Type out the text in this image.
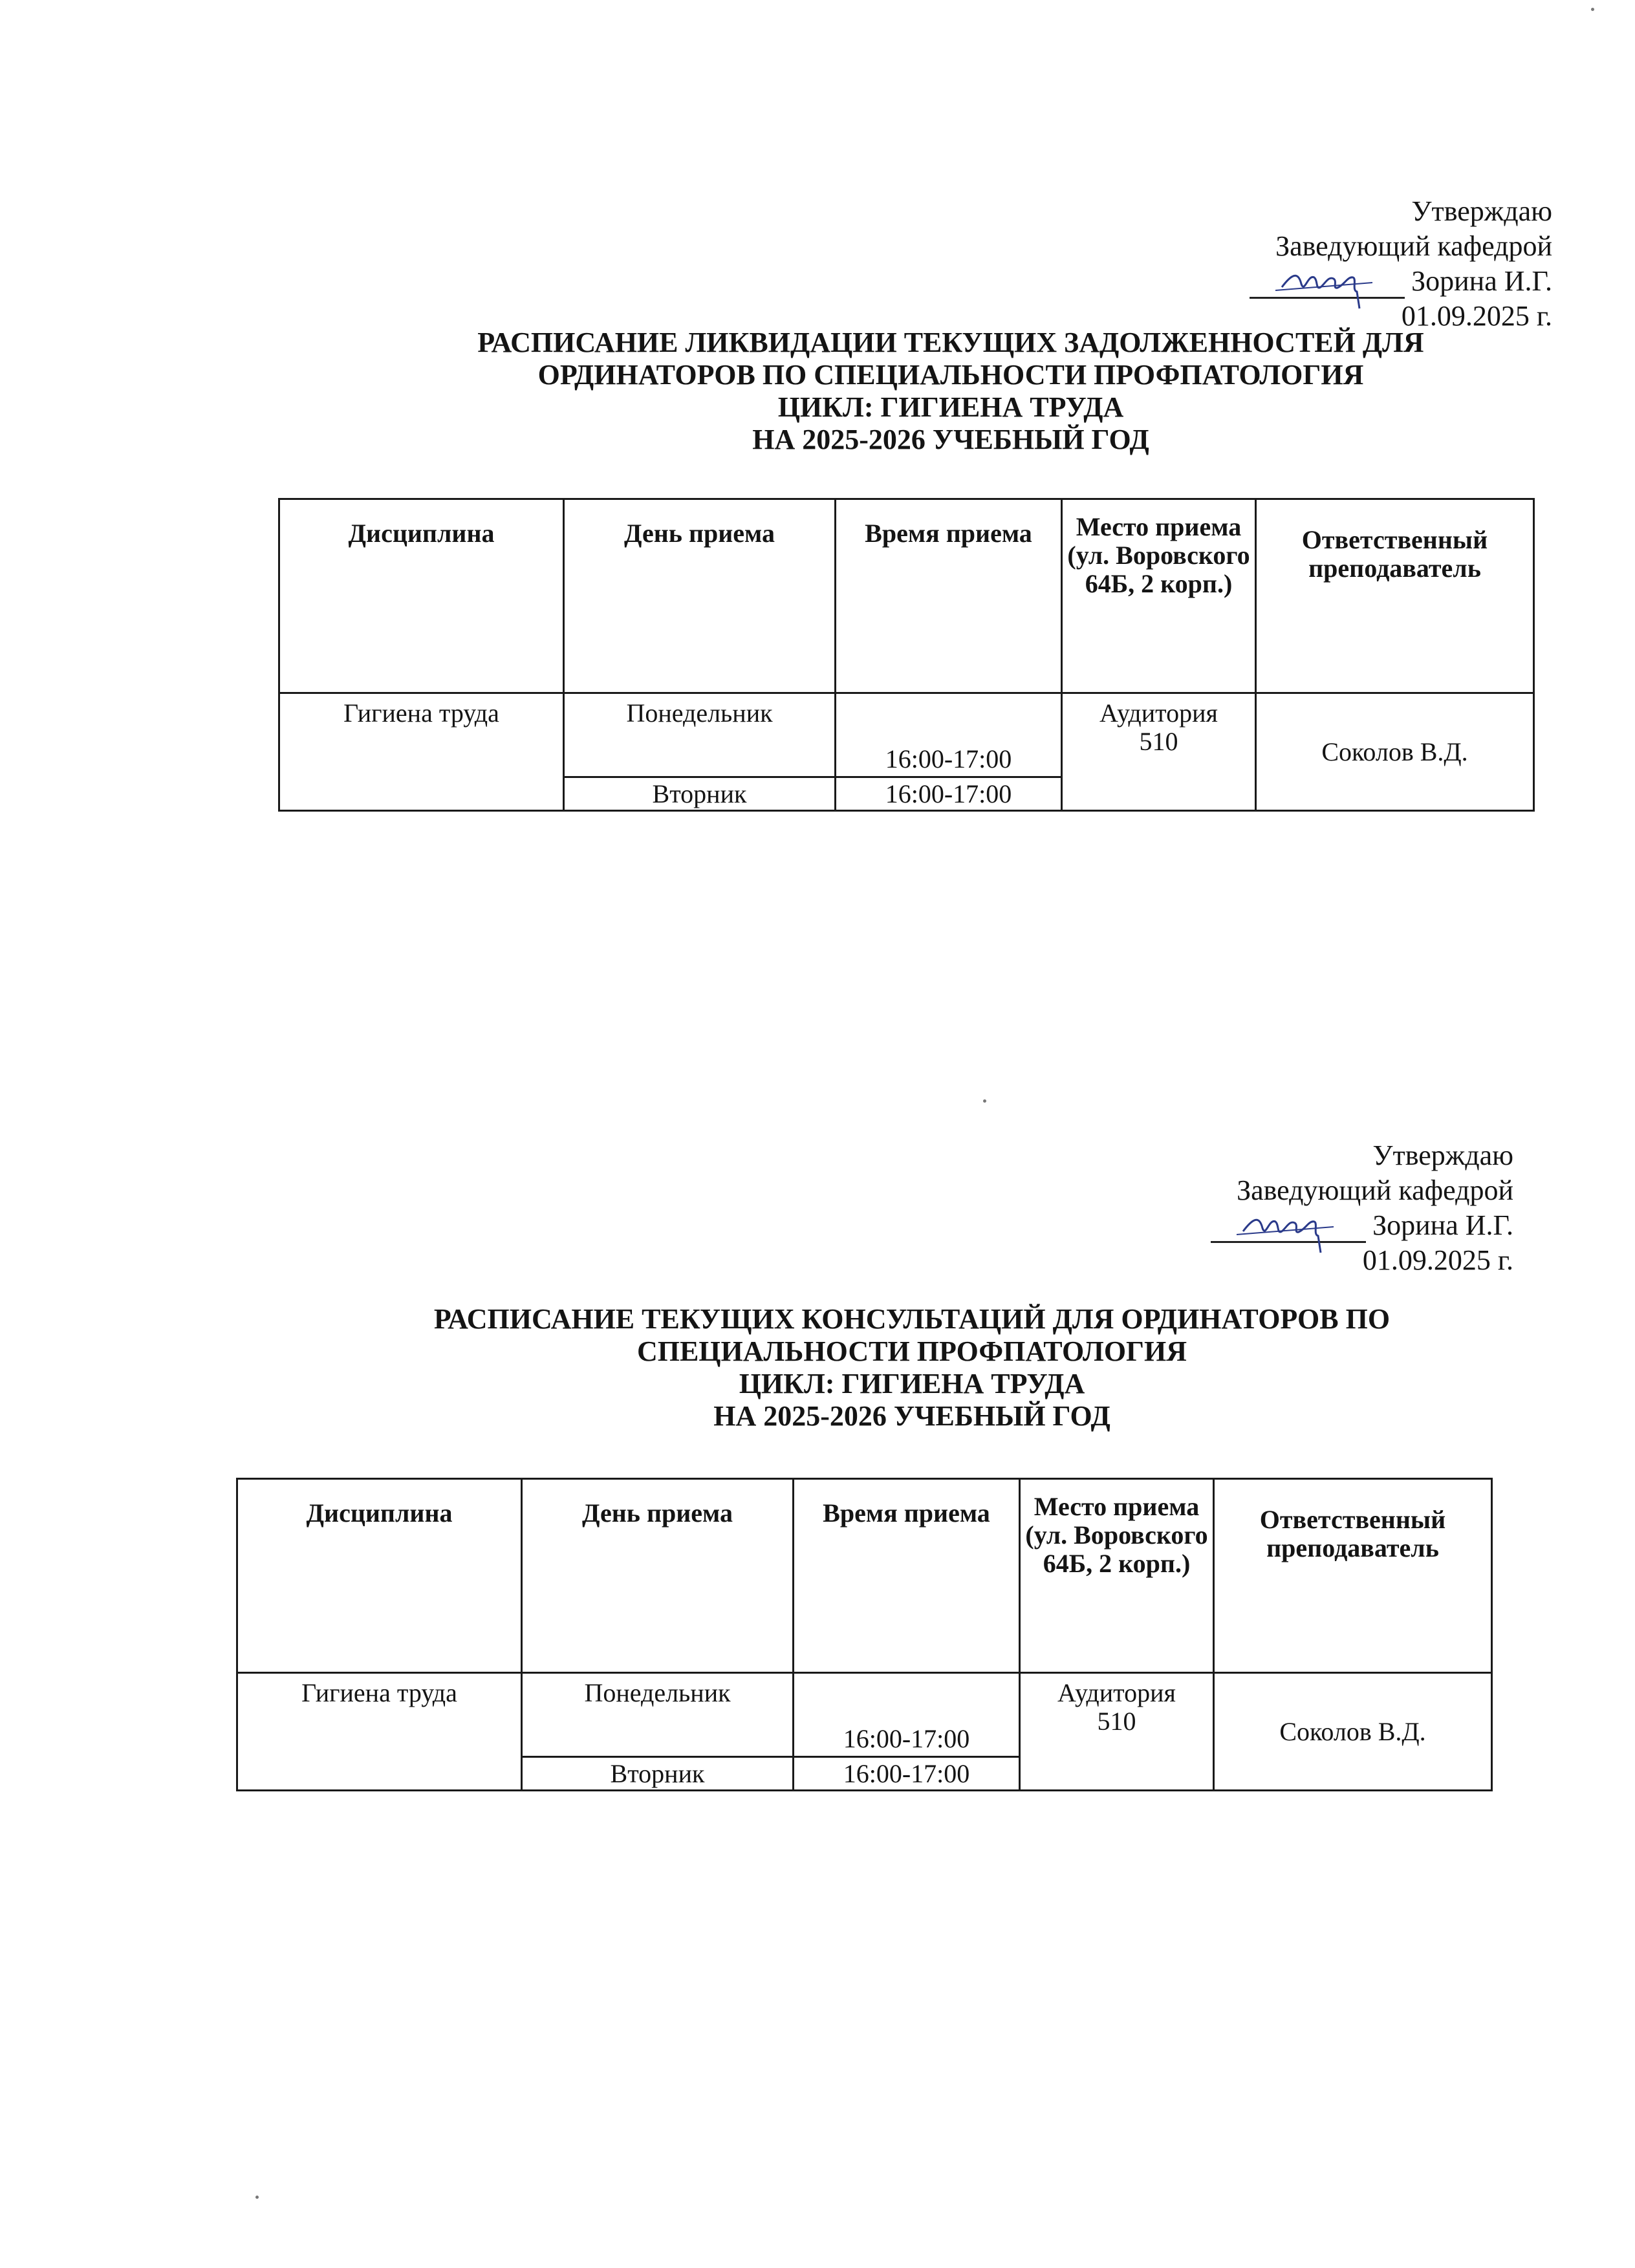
Утверждаю
Заведующий кафедрой
Зорина И.Г.
01.09.2025 г.
РАСПИСАНИЕ ЛИКВИДАЦИИ ТЕКУЩИХ ЗАДОЛЖЕННОСТЕЙ ДЛЯ
ОРДИНАТОРОВ ПО СПЕЦИАЛЬНОСТИ ПРОФПАТОЛОГИЯ
ЦИКЛ: ГИГИЕНА ТРУДА
НА 2025-2026 УЧЕБНЫЙ ГОД
Дисциплина	День приема	Время приема	Место приема (ул. Воровского 64Б, 2 корп.)	Ответственный преподаватель
Гигиена труда	Понедельник	16:00-17:00	Аудитория 510	Соколов В.Д.
	Вторник	16:00-17:00		
Утверждаю
Заведующий кафедрой
Зорина И.Г.
01.09.2025 г.
РАСПИСАНИЕ ТЕКУЩИХ КОНСУЛЬТАЦИЙ ДЛЯ ОРДИНАТОРОВ ПО
СПЕЦИАЛЬНОСТИ ПРОФПАТОЛОГИЯ
ЦИКЛ: ГИГИЕНА ТРУДА
НА 2025-2026 УЧЕБНЫЙ ГОД
Дисциплина	День приема	Время приема	Место приема (ул. Воровского 64Б, 2 корп.)	Ответственный преподаватель
Гигиена труда	Понедельник	16:00-17:00	Аудитория 510	Соколов В.Д.
	Вторник	16:00-17:00		
